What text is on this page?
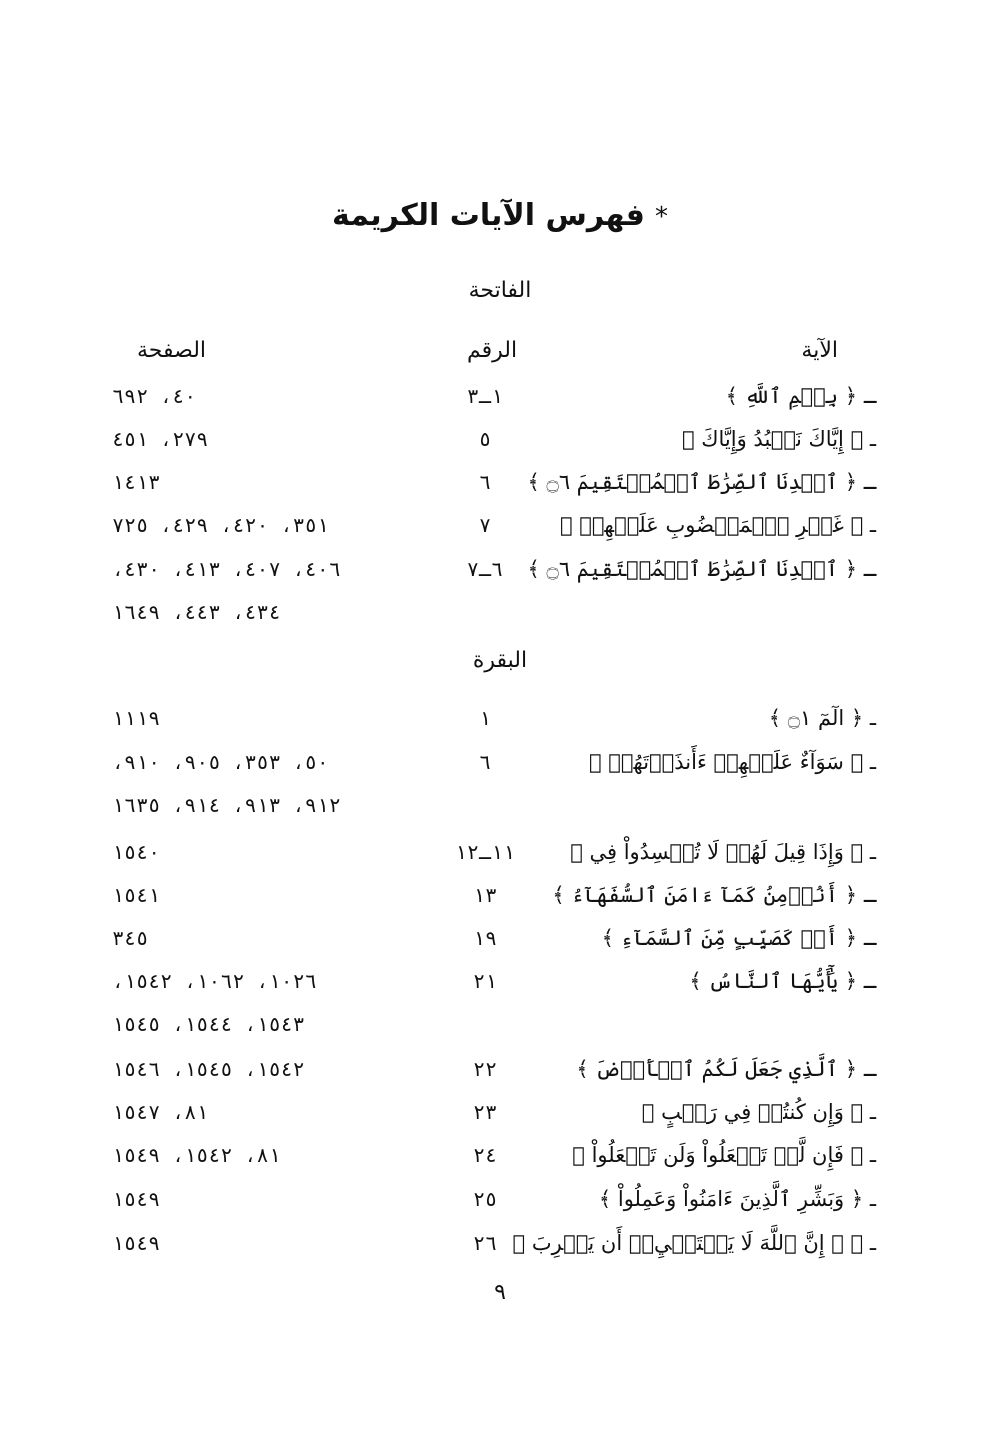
*فهرس الآيات الكريمة
الفاتحة
الآية
الرقم
الصفحة
ـ ﴿ بِسۡمِ ٱللَّهِ ﴾
١ـ٣
٤٠، ٦٩٢
ـ ﴿ إِيَّاكَ نَعۡبُدُ وَإِيَّاكَ ﴾
٥
٢٧٩، ٤٥١
ـ ﴿ ٱهۡدِنَا ٱلصِّرَٰطَ ٱلۡمُسۡتَقِيمَ ۝٦ ﴾
٦
١٤١٣
ـ ﴿ غَيۡرِ ٱلۡمَغۡضُوبِ عَلَيۡهِمۡ ﴾
٧
٣٥١، ٤٢٠، ٤٢٩، ٧٢٥
ـ ﴿ ٱهۡدِنَا ٱلصِّرَٰطَ ٱلۡمُسۡتَقِيمَ ۝٦ ﴾
٦ـ٧
٤٠٦، ٤٠٧، ٤١٣، ٤٣٠،
٤٣٤، ٤٤٣، ١٦٤٩
البقرة
ـ ﴿ الٓمٓ ۝١ ﴾
١
١١١٩
ـ ﴿ سَوَآءٌ عَلَيۡهِمۡ ءَأَنذَرۡتَهُمۡ ﴾
٦
٥٠، ٣٥٣، ٩٠٥، ٩١٠،
٩١٢، ٩١٣، ٩١٤، ١٦٣٥
ـ ﴿ وَإِذَا قِيلَ لَهُمۡ لَا تُفۡسِدُواْ فِي ﴾
١١ـ١٢
١٥٤٠
ـ ﴿ أَنُؤۡمِنُ كَمَآ ءَامَنَ ٱلسُّفَهَآءُ ﴾
١٣
١٥٤١
ـ ﴿ أَوۡ كَصَيِّبٍ مِّنَ ٱلسَّمَآءِ ﴾
١٩
٣٤٥
ـ ﴿ يَٰٓأَيُّهَا ٱلنَّاسُ ﴾
٢١
١٠٢٦، ١٠٦٢، ١٥٤٢،
١٥٤٣، ١٥٤٤، ١٥٤٥
ـ ﴿ ٱلَّذِي جَعَلَ لَكُمُ ٱلۡأَرۡضَ ﴾
٢٢
١٥٤٢، ١٥٤٥، ١٥٤٦
ـ ﴿ وَإِن كُنتُمۡ فِي رَيۡبٍ ﴾
٢٣
٨١، ١٥٤٧
ـ ﴿ فَإِن لَّمۡ تَفۡعَلُواْ وَلَن تَفۡعَلُواْ ﴾
٢٤
٨١، ١٥٤٢، ١٥٤٩
ـ ﴿ وَبَشِّرِ ٱلَّذِينَ ءَامَنُواْ وَعَمِلُواْ ﴾
٢٥
١٥٤٩
ـ ﴿ ۞ إِنَّ ٱللَّهَ لَا يَسۡتَحۡيِۦٓ أَن يَضۡرِبَ ﴾
٢٦
١٥٤٩
٩
